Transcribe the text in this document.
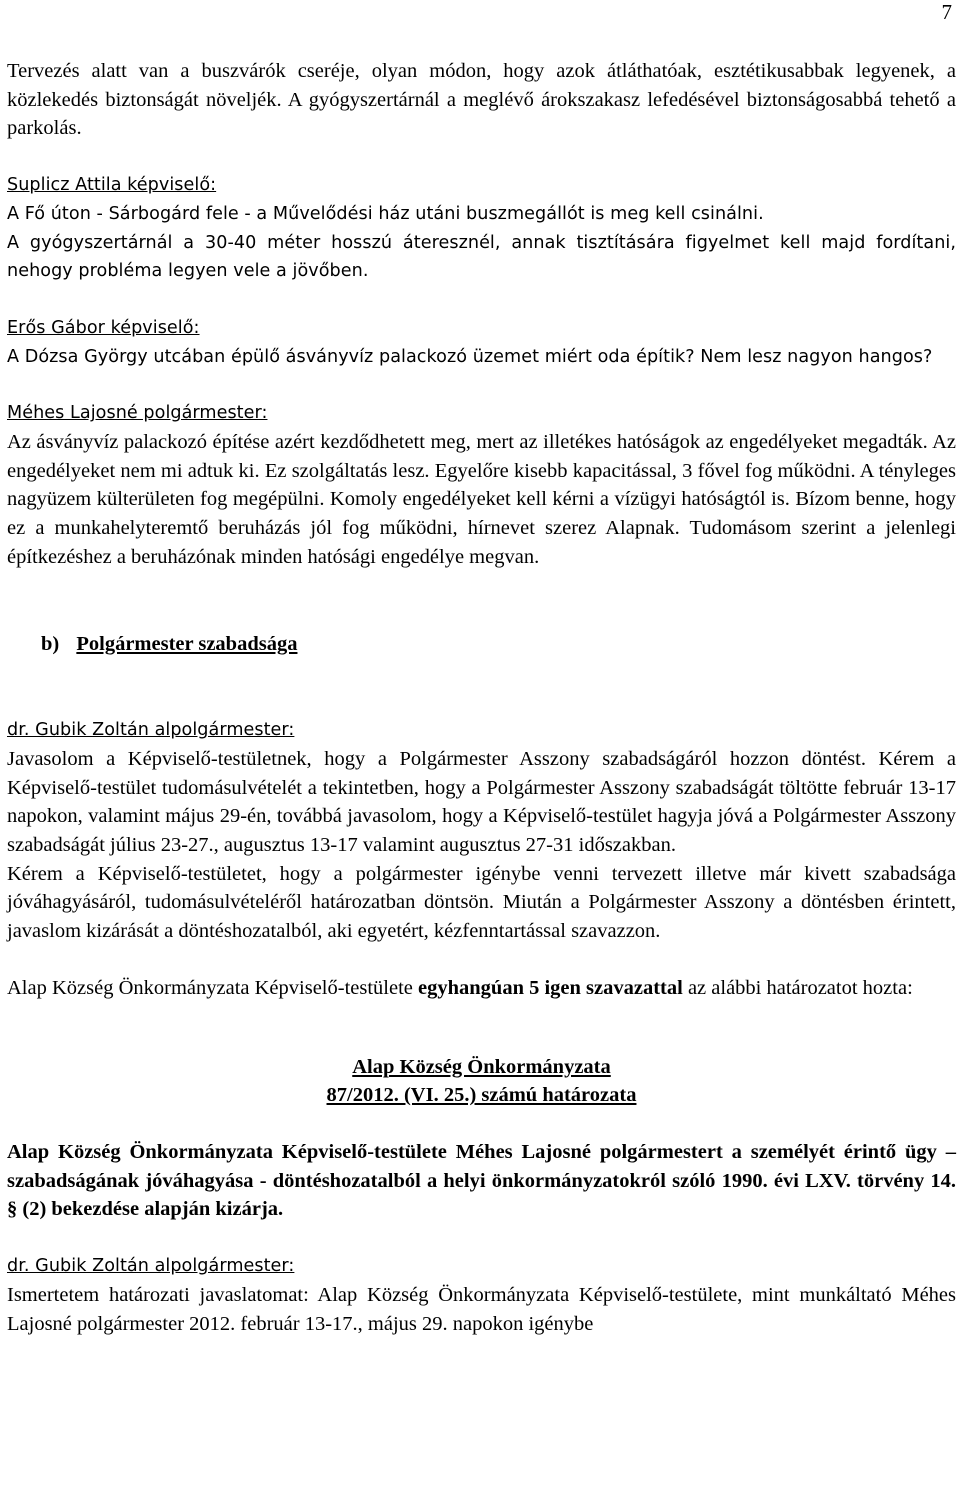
7

Tervezés alatt van a buszvárók cseréje, olyan módon, hogy azok átláthatóak, esztétikusabbak legyenek, a közlekedés biztonságát növeljék. A gyógyszertárnál a meglévő árokszakasz lefedésével biztonságosabbá tehető a parkolás.

Suplicz Attila képviselő:

A Fő úton - Sárbogárd fele - a Művelődési ház utáni buszmegállót is meg kell csinálni.

A gyógyszertárnál a 30-40 méter hosszú áteresznél, annak tisztítására figyelmet kell majd fordítani, nehogy probléma legyen vele a jövőben.

Erős Gábor képviselő:

A Dózsa György utcában épülő ásványvíz palackozó üzemet miért oda építik? Nem lesz nagyon hangos?

Méhes Lajosné polgármester:

Az ásványvíz palackozó építése azért kezdődhetett meg, mert az illetékes hatóságok az engedélyeket megadták. Az engedélyeket nem mi adtuk ki. Ez szolgáltatás lesz. Egyelőre kisebb kapacitással, 3 fővel fog működni. A tényleges nagyüzem külterületen fog megépülni. Komoly engedélyeket kell kérni a vízügyi hatóságtól is. Bízom benne, hogy ez a munkahelyteremtő beruházás jól fog működni, hírnevet szerez Alapnak. Tudomásom szerint a jelenlegi építkezéshez a beruházónak minden hatósági engedélye megvan.

b) Polgármester szabadsága

dr. Gubik Zoltán alpolgármester:

Javasolom a Képviselő-testületnek, hogy a Polgármester Asszony szabadságáról hozzon döntést. Kérem a Képviselő-testület tudomásulvételét a tekintetben, hogy a Polgármester Asszony szabadságát töltötte február 13-17 napokon, valamint május 29-én, továbbá javasolom, hogy a Képviselő-testület hagyja jóvá a Polgármester Asszony szabadságát július 23-27., augusztus 13-17 valamint augusztus 27-31 időszakban.

Kérem a Képviselő-testületet, hogy a polgármester igénybe venni tervezett illetve már kivett szabadsága jóváhagyásáról, tudomásulvételéről határozatban döntsön. Miután a Polgármester Asszony a döntésben érintett, javaslom kizárását a döntéshozatalból, aki egyetért, kézfenntartással szavazzon.

Alap Község Önkormányzata Képviselő-testülete egyhangúan 5 igen szavazattal az alábbi határozatot hozta:

Alap Község Önkormányzata

87/2012. (VI. 25.) számú határozata

Alap Község Önkormányzata Képviselő-testülete Méhes Lajosné polgármestert a személyét érintő ügy – szabadságának jóváhagyása - döntéshozatalból a helyi önkormányzatokról szóló 1990. évi LXV. törvény 14. § (2) bekezdése alapján kizárja.

dr. Gubik Zoltán alpolgármester:

Ismertetem határozati javaslatomat: Alap Község Önkormányzata Képviselő-testülete, mint munkáltató Méhes Lajosné polgármester 2012. február 13-17., május 29. napokon igénybe
